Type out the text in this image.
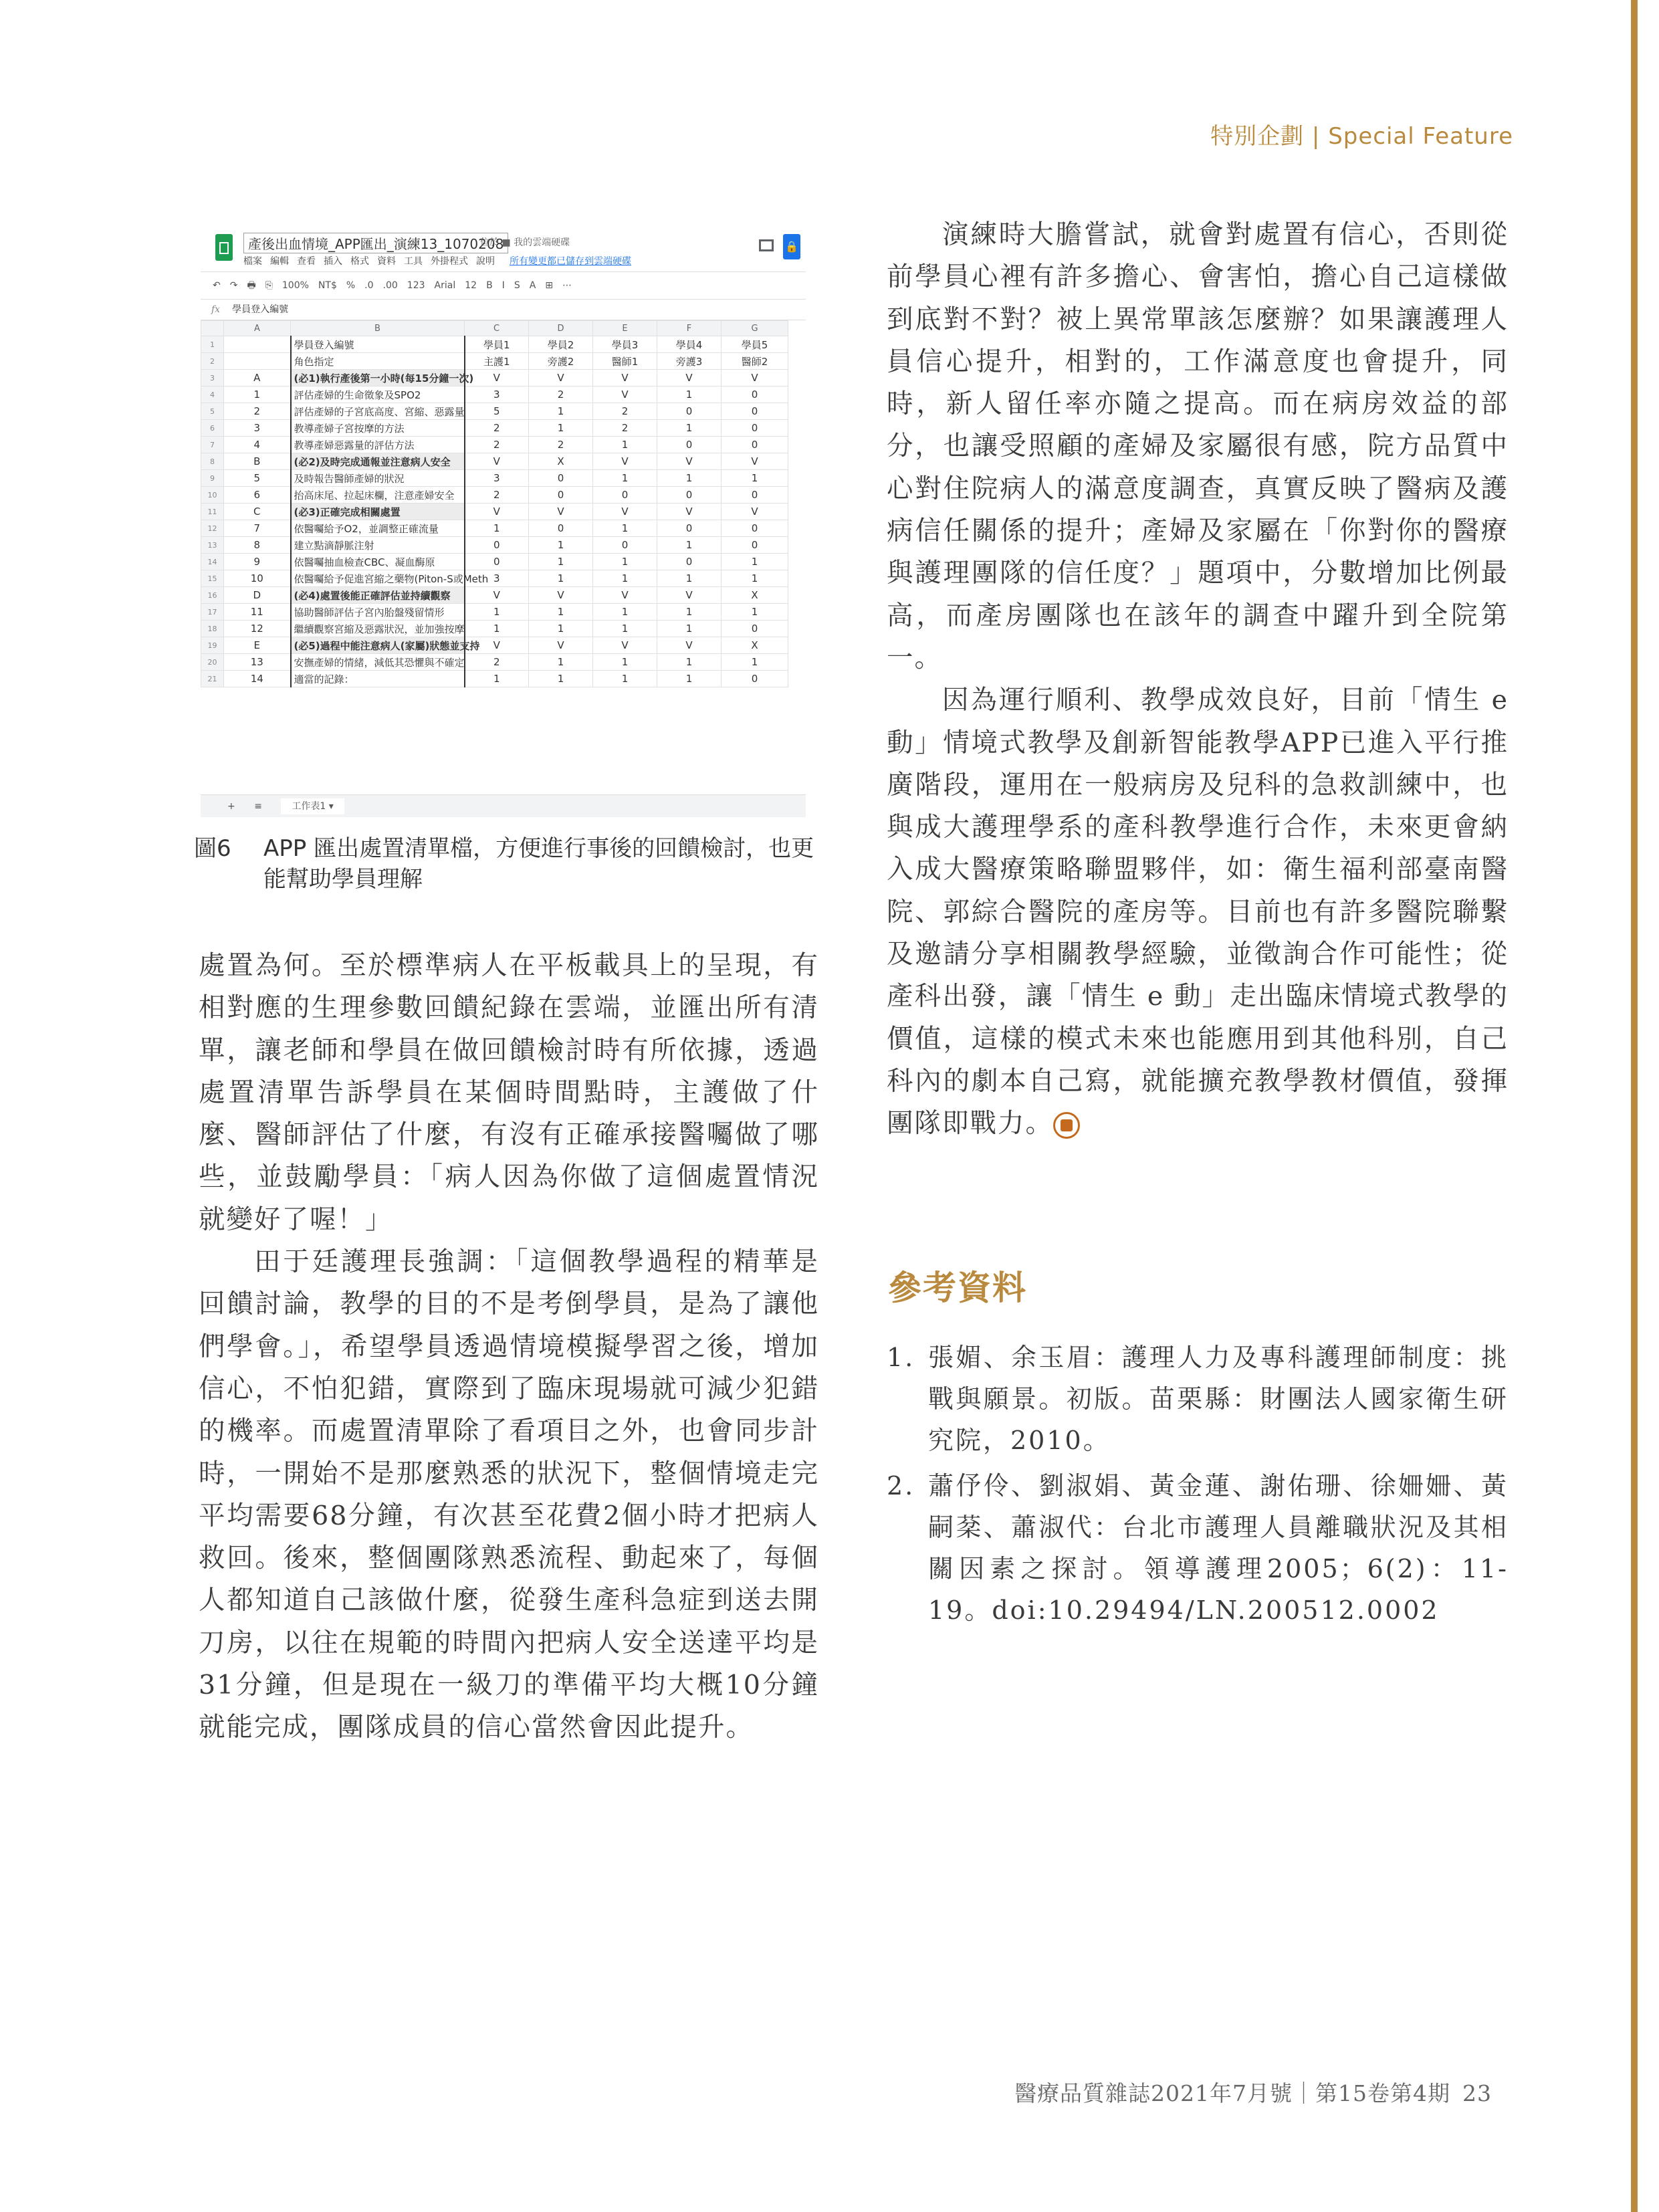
特別企劃 | Special Feature
產後出血情境_APP匯出_演練13_1070208
位於 ■ 我的雲端硬碟
檔案 編輯 查看 插入 格式 資料 工具 外掛程式 說明 所有變更都已儲存到雲端硬碟
🔒
↶ ↷ 🖶 ⎘ 100% NT$ % .0 .00 123 Arial 12 B I S A ⊞ ⋯
fx 學員登入編號
	A	B	C	D	E	F	G
1		學員登入編號	學員1	學員2	學員3	學員4	學員5
2		角色指定	主護1	旁護2	醫師1	旁護3	醫師2
3	A	(必1)執行產後第一小時(每15分鐘一次)	V	V	V	V	V
4	1	評估產婦的生命徵象及SPO2	3	2	V	1	0
5	2	評估產婦的子宮底高度、宮縮、惡露量	5	1	2	0	0
6	3	教導產婦子宮按摩的方法	2	1	2	1	0
7	4	教導產婦惡露量的評估方法	2	2	1	0	0
8	B	(必2)及時完成通報並注意病人安全	V	X	V	V	V
9	5	及時報告醫師產婦的狀況	3	0	1	1	1
10	6	抬高床尾、拉起床欄，注意產婦安全	2	0	0	0	0
11	C	(必3)正確完成相關處置	V	V	V	V	V
12	7	依醫囑給予O2，並調整正確流量	1	0	1	0	0
13	8	建立點滴靜脈注射	0	1	0	1	0
14	9	依醫囑抽血檢查CBC、凝血酶原	0	1	1	0	1
15	10	依醫囑給予促進宮縮之藥物(Piton-S或Meth	3	1	1	1	1
16	D	(必4)處置後能正確評估並持續觀察	V	V	V	V	X
17	11	協助醫師評估子宮內胎盤殘留情形	1	1	1	1	1
18	12	繼續觀察宮縮及惡露狀況，並加強按摩	1	1	1	1	0
19	E	(必5)過程中能注意病人(家屬)狀態並支持	V	V	V	V	X
20	13	安撫產婦的情緒，減低其恐懼與不確定	2	1	1	1	1
21	14	適當的記錄：	1	1	1	1	0
+ ≡	工作表1 ▾
圖6 APP 匯出處置清單檔，方便進行事後的回饋檢討，也更能幫助學員理解

處置為何。至於標準病人在平板載具上的呈現，有相對應的生理參數回饋紀錄在雲端，並匯出所有清單，讓老師和學員在做回饋檢討時有所依據，透過處置清單告訴學員在某個時間點時，主護做了什麼、醫師評估了什麼，有沒有正確承接醫囑做了哪些，並鼓勵學員：「病人因為你做了這個處置情況就變好了喔！」

田于廷護理長強調：「這個教學過程的精華是回饋討論，教學的目的不是考倒學員，是為了讓他們學會。」，希望學員透過情境模擬學習之後，增加信心，不怕犯錯，實際到了臨床現場就可減少犯錯的機率。而處置清單除了看項目之外，也會同步計時，一開始不是那麼熟悉的狀況下，整個情境走完平均需要68分鐘，有次甚至花費2個小時才把病人救回。後來，整個團隊熟悉流程、動起來了，每個人都知道自己該做什麼，從發生產科急症到送去開刀房，以往在規範的時間內把病人安全送達平均是31分鐘，但是現在一級刀的準備平均大概10分鐘就能完成，團隊成員的信心當然會因此提升。

演練時大膽嘗試，就會對處置有信心，否則從前學員心裡有許多擔心、會害怕，擔心自己這樣做到底對不對？被上異常單該怎麼辦？如果讓護理人員信心提升，相對的，工作滿意度也會提升，同時，新人留任率亦隨之提高。而在病房效益的部分，也讓受照顧的產婦及家屬很有感，院方品質中心對住院病人的滿意度調查，真實反映了醫病及護病信任關係的提升；產婦及家屬在「你對你的醫療與護理團隊的信任度？」題項中，分數增加比例最高，而產房團隊也在該年的調查中躍升到全院第一。

因為運行順利、教學成效良好，目前「情生 e 動」情境式教學及創新智能教學APP已進入平行推廣階段，運用在一般病房及兒科的急救訓練中，也與成大護理學系的產科教學進行合作，未來更會納入成大醫療策略聯盟夥伴，如：衛生福利部臺南醫院、郭綜合醫院的產房等。目前也有許多醫院聯繫及邀請分享相關教學經驗，並徵詢合作可能性；從產科出發，讓「情生 e 動」走出臨床情境式教學的價值，這樣的模式未來也能應用到其他科別，自己科內的劇本自己寫，就能擴充教學教材價值，發揮團隊即戰力。

參考資料
1. 張媚、余玉眉：護理人力及專科護理師制度：挑戰與願景。初版。苗栗縣：財團法人國家衛生研究院，2010。
2. 蕭伃伶、劉淑娟、黃金蓮、謝佑珊、徐姍姍、黃嗣棻、蕭淑代：台北市護理人員離職狀況及其相關因素之探討。領導護理2005；6(2)：11-19。doi:10.29494/LN.200512.0002
醫療品質雜誌2021年7月號｜第15卷第4期 23
